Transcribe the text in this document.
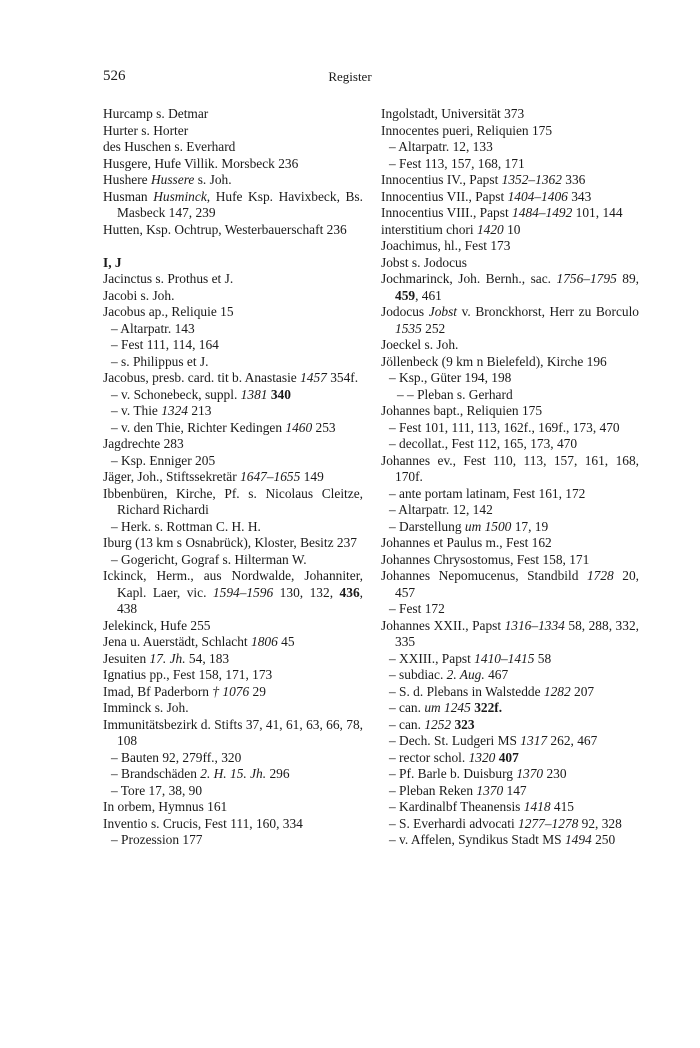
526	Register
Hurcamp s. Detmar
Hurter s. Horter
des Huschen s. Everhard
Husgere, Hufe Villik. Morsbeck 236
Hushere Hussere s. Joh.
Husman Husminck, Hufe Ksp. Havixbeck, Bs. Masbeck 147, 239
Hutten, Ksp. Ochtrup, Westerbauerschaft 236
I, J
Jacinctus s. Prothus et J.
Jacobi s. Joh.
Jacobus ap., Reliquie 15
– Altarpatr. 143
– Fest 111, 114, 164
– s. Philippus et J.
Jacobus, presb. card. tit b. Anastasie 1457 354f.
– v. Schonebeck, suppl. 1381 340
– v. Thie 1324 213
– v. den Thie, Richter Kedingen 1460 253
Jagdrechte 283
– Ksp. Enniger 205
Jäger, Joh., Stiftssekretär 1647–1655 149
Ibbenbüren, Kirche, Pf. s. Nicolaus Cleitze, Richard Richardi
– Herk. s. Rottman C. H. H.
Iburg (13 km s Osnabrück), Kloster, Besitz 237
– Gogericht, Gograf s. Hilterman W.
Ickinck, Herm., aus Nordwalde, Johanniter, Kapl. Laer, vic. 1594–1596 130, 132, 436, 438
Jelekinck, Hufe 255
Jena u. Auerstädt, Schlacht 1806 45
Jesuiten 17. Jh. 54, 183
Ignatius pp., Fest 158, 171, 173
Imad, Bf Paderborn † 1076 29
Imminck s. Joh.
Immunitätsbezirk d. Stifts 37, 41, 61, 63, 66, 78, 108
– Bauten 92, 279ff., 320
– Brandschäden 2. H. 15. Jh. 296
– Tore 17, 38, 90
In orbem, Hymnus 161
Inventio s. Crucis, Fest 111, 160, 334
– Prozession 177
Ingolstadt, Universität 373
Innocentes pueri, Reliquien 175
– Altarpatr. 12, 133
– Fest 113, 157, 168, 171
Innocentius IV., Papst 1352–1362 336
Innocentius VII., Papst 1404–1406 343
Innocentius VIII., Papst 1484–1492 101, 144
interstitium chori 1420 10
Joachimus, hl., Fest 173
Jobst s. Jodocus
Jochmarinck, Joh. Bernh., sac. 1756–1795 89, 459, 461
Jodocus Jobst v. Bronckhorst, Herr zu Borculo 1535 252
Joeckel s. Joh.
Jöllenbeck (9 km n Bielefeld), Kirche 196
– Ksp., Güter 194, 198
– – Pleban s. Gerhard
Johannes bapt., Reliquien 175
– Fest 101, 111, 113, 162f., 169f., 173, 470
– decollat., Fest 112, 165, 173, 470
Johannes ev., Fest 110, 113, 157, 161, 168, 170f.
– ante portam latinam, Fest 161, 172
– Altarpatr. 12, 142
– Darstellung um 1500 17, 19
Johannes et Paulus m., Fest 162
Johannes Chrysostomus, Fest 158, 171
Johannes Nepomucenus, Standbild 1728 20, 457
– Fest 172
Johannes XXII., Papst 1316–1334 58, 288, 332, 335
– XXIII., Papst 1410–1415 58
– subdiac. 2. Aug. 467
– S. d. Plebans in Walstedde 1282 207
– can. um 1245 322f.
– can. 1252 323
– Dech. St. Ludgeri MS 1317 262, 467
– rector schol. 1320 407
– Pf. Barle b. Duisburg 1370 230
– Pleban Reken 1370 147
– Kardinalbf Theanensis 1418 415
– S. Everhardi advocati 1277–1278 92, 328
– v. Affelen, Syndikus Stadt MS 1494 250
